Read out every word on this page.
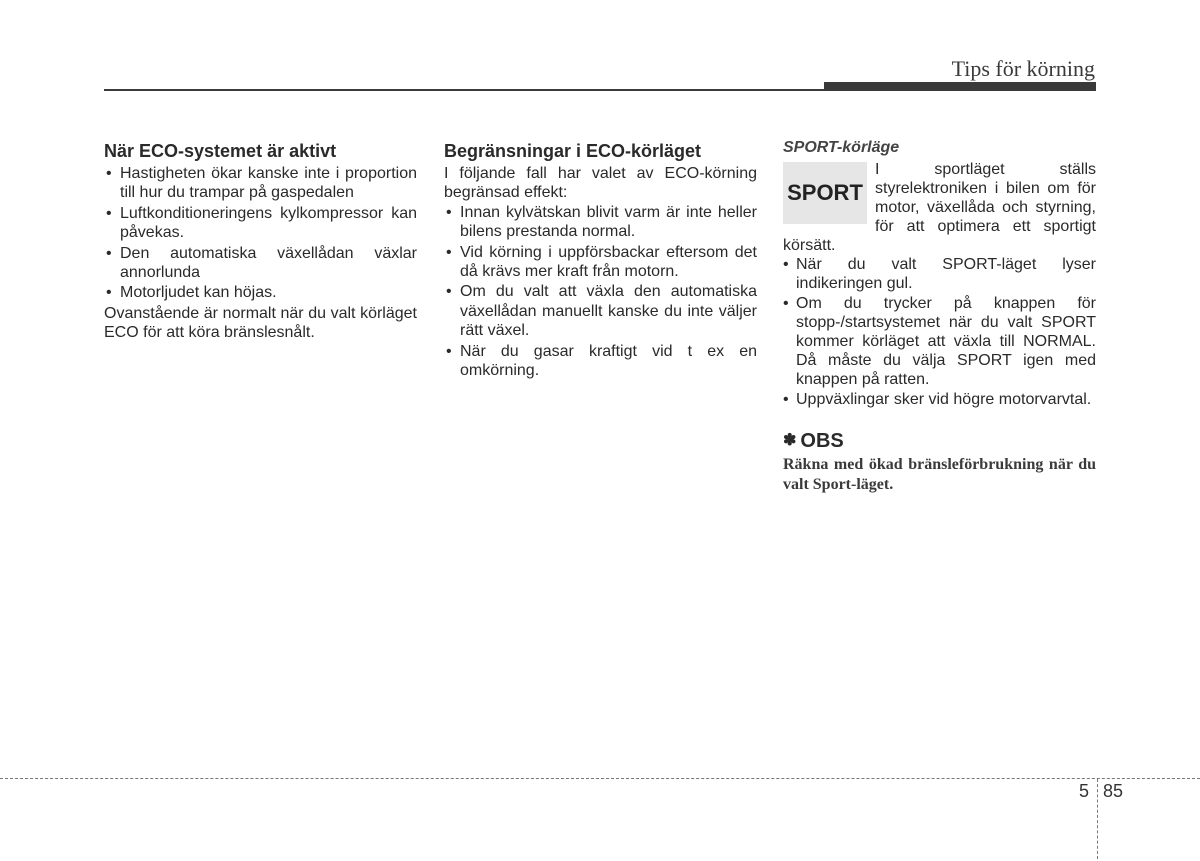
Tips för körning
När ECO-systemet är aktivt
• Hastigheten ökar kanske inte i proportion till hur du trampar på gaspedalen
• Luftkonditioneringens kylkompressor kan påvekas.
• Den automatiska växellådan växlar annorlunda
• Motorljudet kan höjas.
Ovanstående är normalt när du valt körläget ECO för att köra bränslesnålt.
Begränsningar i ECO-körläget
I följande fall har valet av ECO-körning begränsad effekt:
• Innan kylvätskan blivit varm är inte heller bilens prestanda normal.
• Vid körning i uppförsbackar eftersom det då krävs mer kraft från motorn.
• Om du valt att växla den automatiska växellådan manuellt kanske du inte väljer rätt växel.
• När du gasar kraftigt vid t ex en omkörning.
SPORT-körläge
SPORT
I sportläget ställs styrelektroniken i bilen om för motor, växellåda och styrning, för att optimera ett sportigt körsätt.
• När du valt SPORT-läget lyser indikeringen gul.
• Om du trycker på knappen för stopp-/startsystemet när du valt SPORT kommer körläget att växla till NORMAL. Då måste du välja SPORT igen med knappen på ratten.
• Uppväxlingar sker vid högre motorvarvtal.
✽ OBS
Räkna med ökad bränsleförbrukning när du valt Sport-läget.
5 85
